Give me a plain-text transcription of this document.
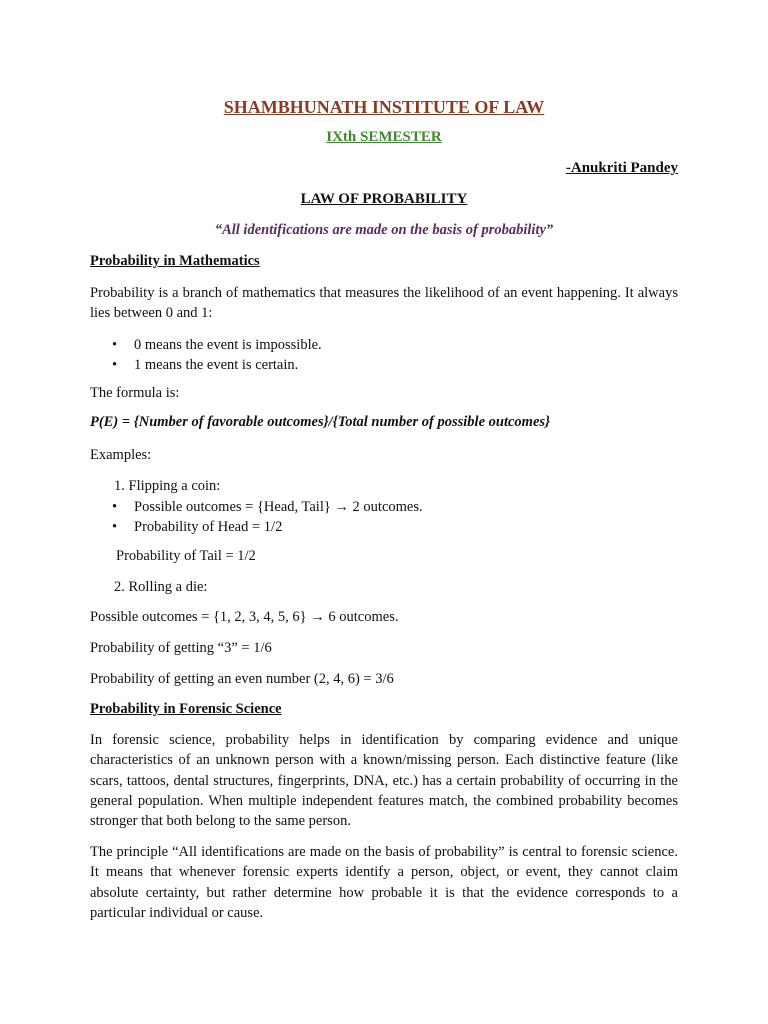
SHAMBHUNATH INSTITUTE OF LAW

IXth SEMESTER

-Anukriti Pandey

LAW OF PROBABILITY

“All identifications are made on the basis of probability”

Probability in Mathematics

Probability is a branch of mathematics that measures the likelihood of an event happening. It always lies between 0 and 1:

• 0 means the event is impossible.
• 1 means the event is certain.

The formula is:

P(E) = {Number of favorable outcomes}/{Total number of possible outcomes}

Examples:

1. Flipping a coin:

• Possible outcomes = {Head, Tail} → 2 outcomes.
• Probability of Head = 1/2

Probability of Tail = 1/2

2. Rolling a die:

Possible outcomes = {1, 2, 3, 4, 5, 6} → 6 outcomes.

Probability of getting “3” = 1/6

Probability of getting an even number (2, 4, 6) = 3/6

Probability in Forensic Science

In forensic science, probability helps in identification by comparing evidence and unique characteristics of an unknown person with a known/missing person. Each distinctive feature (like scars, tattoos, dental structures, fingerprints, DNA, etc.) has a certain probability of occurring in the general population. When multiple independent features match, the combined probability becomes stronger that both belong to the same person.

The principle “All identifications are made on the basis of probability” is central to forensic science. It means that whenever forensic experts identify a person, object, or event, they cannot claim absolute certainty, but rather determine how probable it is that the evidence corresponds to a particular individual or cause.
